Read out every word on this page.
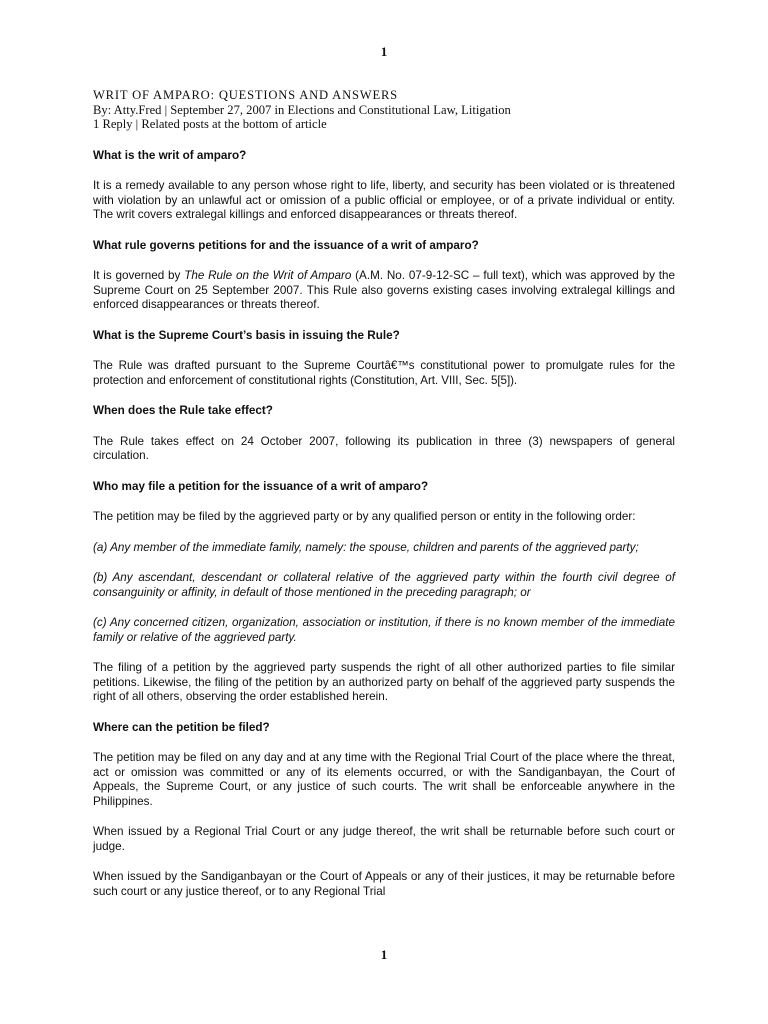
1
WRIT OF AMPARO: QUESTIONS AND ANSWERS
By: Atty.Fred | September 27, 2007 in Elections and Constitutional Law, Litigation
1 Reply | Related posts at the bottom of article
What is the writ of amparo?
It is a remedy available to any person whose right to life, liberty, and security has been violated or is threatened with violation by an unlawful act or omission of a public official or employee, or of a private individual or entity. The writ covers extralegal killings and enforced disappearances or threats thereof.
What rule governs petitions for and the issuance of a writ of amparo?
It is governed by The Rule on the Writ of Amparo (A.M. No. 07-9-12-SC – full text), which was approved by the Supreme Court on 25 September 2007. This Rule also governs existing cases involving extralegal killings and enforced disappearances or threats thereof.
What is the Supreme Court’s basis in issuing the Rule?
The Rule was drafted pursuant to the Supreme Courtâ€™s constitutional power to promulgate rules for the protection and enforcement of constitutional rights (Constitution, Art. VIII, Sec. 5[5]).
When does the Rule take effect?
The Rule takes effect on 24 October 2007, following its publication in three (3) newspapers of general circulation.
Who may file a petition for the issuance of a writ of amparo?
The petition may be filed by the aggrieved party or by any qualified person or entity in the following order:
(a) Any member of the immediate family, namely: the spouse, children and parents of the aggrieved party;
(b) Any ascendant, descendant or collateral relative of the aggrieved party within the fourth civil degree of consanguinity or affinity, in default of those mentioned in the preceding paragraph; or
(c) Any concerned citizen, organization, association or institution, if there is no known member of the immediate family or relative of the aggrieved party.
The filing of a petition by the aggrieved party suspends the right of all other authorized parties to file similar petitions. Likewise, the filing of the petition by an authorized party on behalf of the aggrieved party suspends the right of all others, observing the order established herein.
Where can the petition be filed?
The petition may be filed on any day and at any time with the Regional Trial Court of the place where the threat, act or omission was committed or any of its elements occurred, or with the Sandiganbayan, the Court of Appeals, the Supreme Court, or any justice of such courts. The writ shall be enforceable anywhere in the Philippines.
When issued by a Regional Trial Court or any judge thereof, the writ shall be returnable before such court or judge.
When issued by the Sandiganbayan or the Court of Appeals or any of their justices, it may be returnable before such court or any justice thereof, or to any Regional Trial
1
